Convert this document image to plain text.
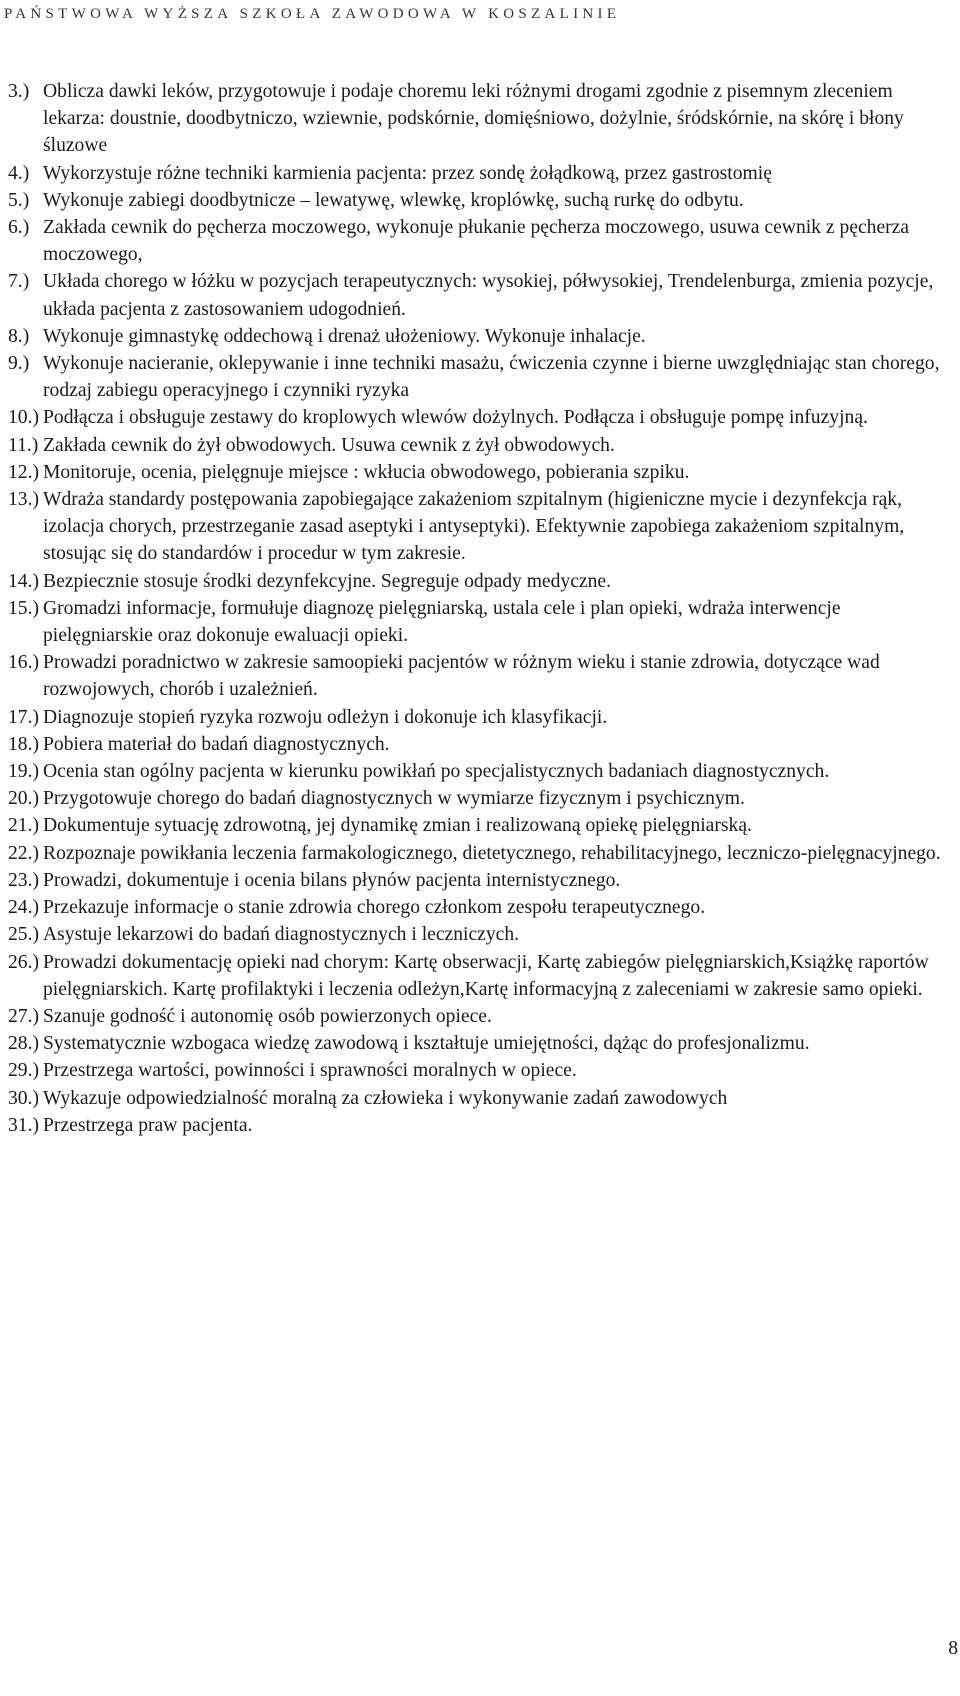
PAŃSTWOWA WYŻSZA SZKOŁA ZAWODOWA W KOSZALINIE
3.) Oblicza dawki leków, przygotowuje i podaje choremu leki różnymi drogami zgodnie z pisemnym zleceniem lekarza: doustnie, doodbytniczo, wziewnie, podskórnie, domięśniowo, dożylnie, śródskórnie, na skórę i błony śluzowe
4.) Wykorzystuje różne techniki karmienia pacjenta: przez sondę żołądkową, przez gastrostomię
5.) Wykonuje zabiegi doodbytnicze – lewatywę, wlewkę, kroplówkę, suchą rurkę do odbytu.
6.) Zakłada cewnik do pęcherza moczowego, wykonuje płukanie pęcherza moczowego, usuwa cewnik z pęcherza moczowego,
7.) Układa chorego w łóżku w pozycjach terapeutycznych: wysokiej, półwysokiej, Trendelenburga, zmienia pozycje, układa pacjenta z zastosowaniem udogodnień.
8.) Wykonuje gimnastykę oddechową i drenaż ułożeniowy. Wykonuje inhalacje.
9.) Wykonuje nacieranie, oklepywanie i inne techniki masażu, ćwiczenia czynne i bierne uwzględniając stan chorego, rodzaj zabiegu operacyjnego i czynniki ryzyka
10.) Podłącza i obsługuje zestawy do kroplowych wlewów dożylnych. Podłącza i obsługuje pompę infuzyjną.
11.) Zakłada cewnik do żył obwodowych. Usuwa cewnik z żył obwodowych.
12.) Monitoruje, ocenia, pielęgnuje miejsce : wkłucia obwodowego, pobierania szpiku.
13.) Wdraża standardy postępowania zapobiegające zakażeniom szpitalnym (higieniczne mycie i dezynfekcja rąk, izolacja chorych, przestrzeganie zasad aseptyki i antyseptyki). Efektywnie zapobiega zakażeniom szpitalnym, stosując się do standardów i procedur w tym zakresie.
14.) Bezpiecznie stosuje środki dezynfekcyjne. Segreguje odpady medyczne.
15.) Gromadzi informacje, formułuje diagnozę pielęgniarską, ustala cele i plan opieki, wdraża interwencje pielęgniarskie oraz dokonuje ewaluacji opieki.
16.) Prowadzi poradnictwo w zakresie samoopieki pacjentów w różnym wieku i stanie zdrowia, dotyczące wad rozwojowych, chorób i uzależnień.
17.) Diagnozuje stopień ryzyka rozwoju odleżyn i dokonuje ich klasyfikacji.
18.) Pobiera materiał do badań diagnostycznych.
19.) Ocenia stan ogólny pacjenta w kierunku powikłań po specjalistycznych badaniach diagnostycznych.
20.) Przygotowuje chorego do badań diagnostycznych w wymiarze fizycznym i psychicznym.
21.) Dokumentuje sytuację zdrowotną, jej dynamikę zmian i realizowaną opiekę pielęgniarską.
22.) Rozpoznaje powikłania leczenia farmakologicznego, dietetycznego, rehabilitacyjnego, leczniczo-pielęgnacyjnego.
23.) Prowadzi, dokumentuje i ocenia bilans płynów pacjenta internistycznego.
24.) Przekazuje informacje o stanie zdrowia chorego członkom zespołu terapeutycznego.
25.) Asystuje lekarzowi do badań diagnostycznych i leczniczych.
26.) Prowadzi dokumentację opieki nad chorym: Kartę obserwacji, Kartę zabiegów pielęgniarskich,Książkę raportów pielęgniarskich. Kartę profilaktyki i leczenia odleżyn,Kartę informacyjną z zaleceniami w zakresie samo opieki.
27.) Szanuje godność i autonomię osób powierzonych opiece.
28.) Systematycznie wzbogaca wiedzę zawodową i kształtuje umiejętności, dążąc do profesjonalizmu.
29.) Przestrzega wartości, powinności i sprawności moralnych w opiece.
30.) Wykazuje odpowiedzialność moralną za człowieka i wykonywanie zadań zawodowych
31.) Przestrzega praw pacjenta.
8
